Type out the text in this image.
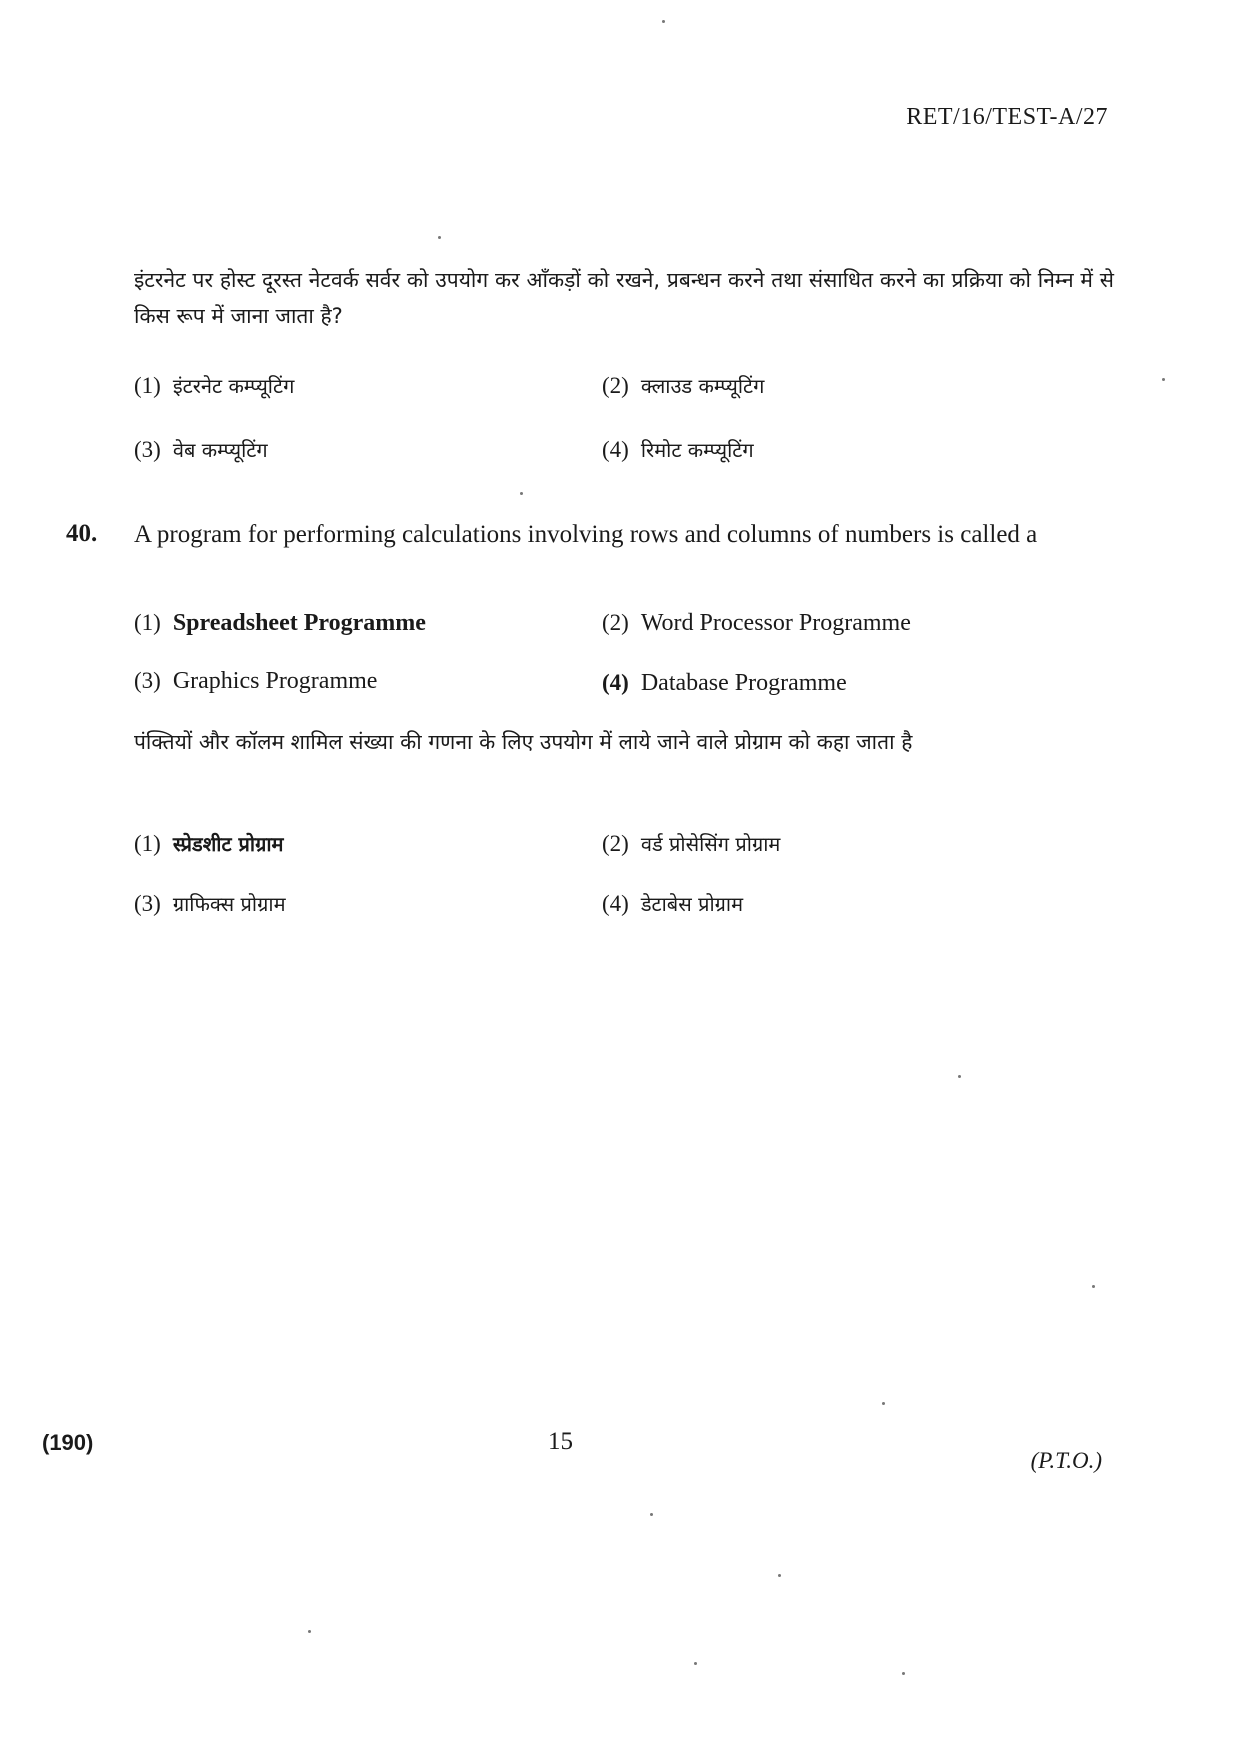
RET/16/TEST-A/27
इंटरनेट पर होस्ट दूरस्त नेटवर्क सर्वर को उपयोग कर आँकड़ों को रखने, प्रबन्धन करने तथा संसाधित करने का प्रक्रिया को निम्न में से किस रूप में जाना जाता है?
(1) इंटरनेट कम्प्यूटिंग	(2) क्लाउड कम्प्यूटिंग
(3) वेब कम्प्यूटिंग	(4) रिमोट कम्प्यूटिंग
40. A program for performing calculations involving rows and columns of numbers is called a
(1) Spreadsheet Programme	(2) Word Processor Programme
(3) Graphics Programme	(4) Database Programme
पंक्तियों और कॉलम शामिल संख्या की गणना के लिए उपयोग में लाये जाने वाले प्रोग्राम को कहा जाता है
(1) स्प्रेडशीट प्रोग्राम	(2) वर्ड प्रोसेसिंग प्रोग्राम
(3) ग्राफिक्स प्रोग्राम	(4) डेटाबेस प्रोग्राम
(190)	15
(P.T.O.)
